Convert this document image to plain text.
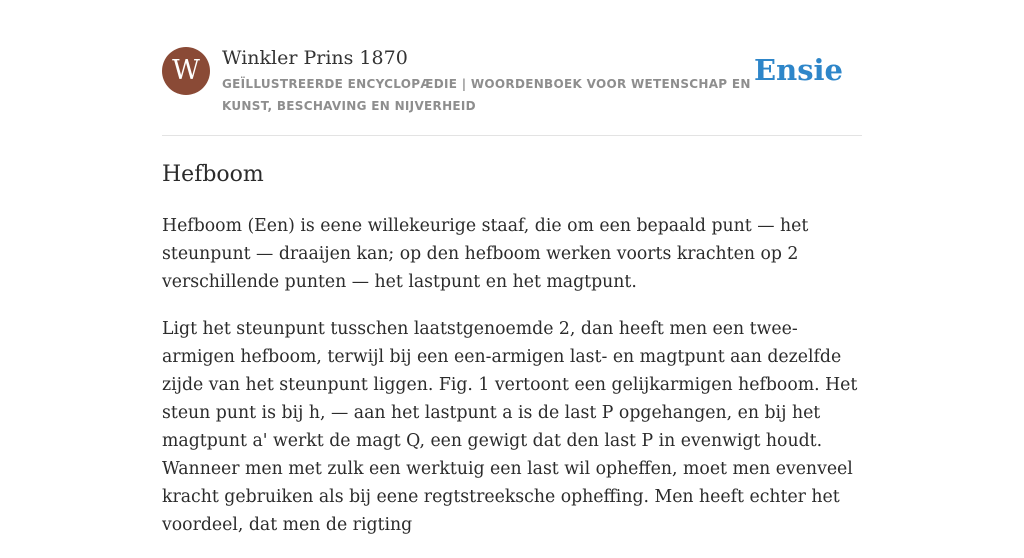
W	Winkler Prins 1870
GEÏLLUSTREERDE ENCYCLOPÆDIE | WOORDENBOEK VOOR WETENSCHAP EN KUNST, BESCHAVING EN NIJVERHEID
Ensie
Hefboom

Hefboom (Een) is eene willekeurige staaf, die om een bepaald punt — het steunpunt — draaijen kan; op den hefboom werken voorts krachten op 2 verschillende punten — het lastpunt en het magtpunt.

Ligt het steunpunt tusschen laatstgenoemde 2, dan heeft men een twee-armigen hefboom, terwijl bij een een-armigen last- en magtpunt aan dezelfde zijde van het steunpunt liggen. Fig. 1 vertoont een gelijkarmigen hefboom. Het steun punt is bij h, — aan het lastpunt a is de last P opgehangen, en bij het magtpunt a' werkt de magt Q, een gewigt dat den last P in evenwigt houdt. Wanneer men met zulk een werktuig een last wil opheffen, moet men evenveel kracht gebruiken als bij eene regtstreeksche opheffing. Men heeft echter het voordeel, dat men de rigting
